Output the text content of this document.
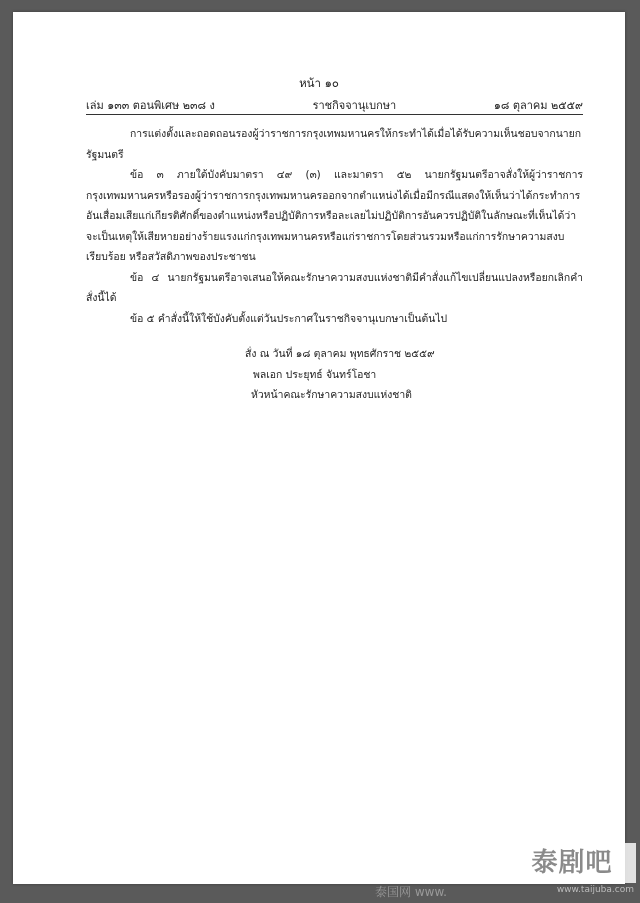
หน้า ๑๐
เล่ม ๑๓๓ ตอนพิเศษ ๒๓๘ ง	ราชกิจจานุเบกษา	๑๘ ตุลาคม ๒๕๕๙

การแต่งตั้งและถอดถอนรองผู้ว่าราชการกรุงเทพมหานครให้กระทำได้เมื่อได้รับความเห็นชอบจากนายกรัฐมนตรี

ข้อ ๓ ภายใต้บังคับมาตรา ๔๙ (๓) และมาตรา ๕๒ นายกรัฐมนตรีอาจสั่งให้ผู้ว่าราชการกรุงเทพมหานครหรือรองผู้ว่าราชการกรุงเทพมหานครออกจากตำแหน่งได้เมื่อมีกรณีแสดงให้เห็นว่าได้กระทำการอันเสื่อมเสียแก่เกียรติศักดิ์ของตำแหน่งหรือปฏิบัติการหรือละเลยไม่ปฏิบัติการอันควรปฏิบัติในลักษณะที่เห็นได้ว่าจะเป็นเหตุให้เสียหายอย่างร้ายแรงแก่กรุงเทพมหานครหรือแก่ราชการโดยส่วนรวมหรือแก่การรักษาความสงบเรียบร้อย หรือสวัสดิภาพของประชาชน

ข้อ ๔ นายกรัฐมนตรีอาจเสนอให้คณะรักษาความสงบแห่งชาติมีคำสั่งแก้ไขเปลี่ยนแปลงหรือยกเลิกคำสั่งนี้ได้

ข้อ ๕ คำสั่งนี้ให้ใช้บังคับตั้งแต่วันประกาศในราชกิจจานุเบกษาเป็นต้นไป

สั่ง ณ วันที่ ๑๘ ตุลาคม พุทธศักราช ๒๕๕๙
พลเอก ประยุทธ์ จันทร์โอชา
หัวหน้าคณะรักษาความสงบแห่งชาติ
泰国网 www.
泰剧吧
www.taijuba.com
